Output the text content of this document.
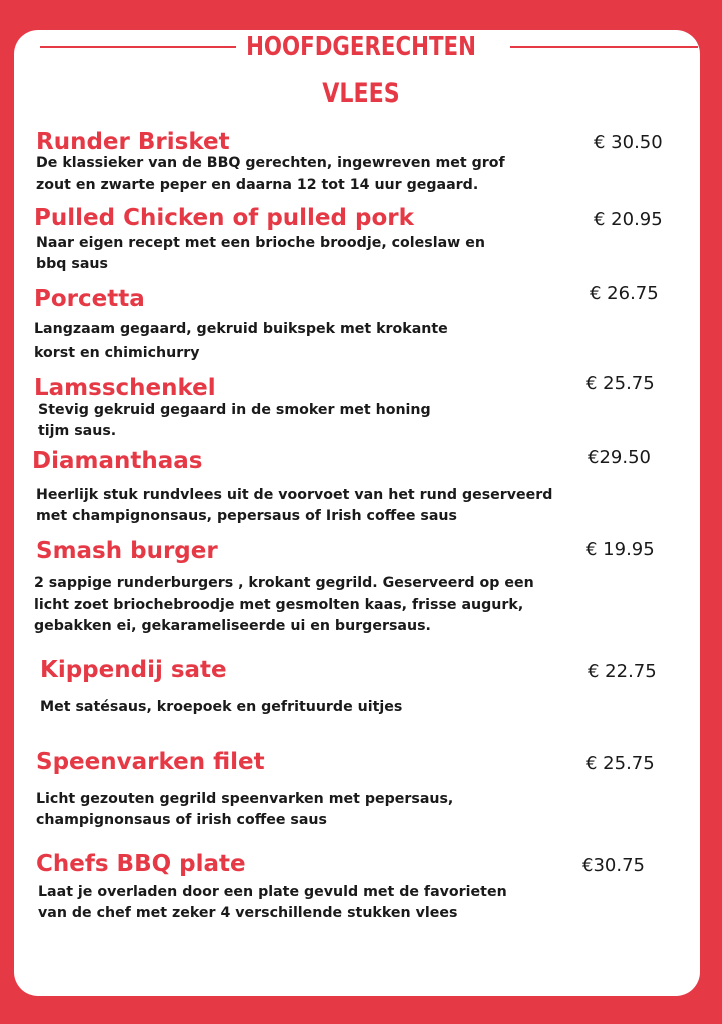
HOOFDGERECHTEN
VLEES
Runder Brisket	€ 30.50
De klassieker van de BBQ gerechten, ingewreven met grof
zout en zwarte peper en daarna 12 tot 14 uur gegaard.
Pulled Chicken of pulled pork	€ 20.95
Naar eigen recept met een brioche broodje, coleslaw en
bbq saus
Porcetta	€ 26.75
Langzaam gegaard, gekruid buikspek met krokante
korst en chimichurry
Lamsschenkel	€ 25.75
Stevig gekruid gegaard in de smoker met honing
tijm saus.
Diamanthaas	€29.50
Heerlijk stuk rundvlees uit de voorvoet van het rund geserveerd
met champignonsaus, pepersaus of Irish coffee saus
Smash burger	€ 19.95
2 sappige runderburgers , krokant gegrild. Geserveerd op een
licht zoet briochebroodje met gesmolten kaas, frisse augurk,
gebakken ei, gekarameliseerde ui en burgersaus.
Kippendij sate	€ 22.75
Met satésaus, kroepoek en gefrituurde uitjes
Speenvarken filet	€ 25.75
Licht gezouten gegrild speenvarken met pepersaus,
champignonsaus of irish coffee saus
Chefs BBQ plate	€30.75
Laat je overladen door een plate gevuld met de favorieten
van de chef met zeker 4 verschillende stukken vlees
